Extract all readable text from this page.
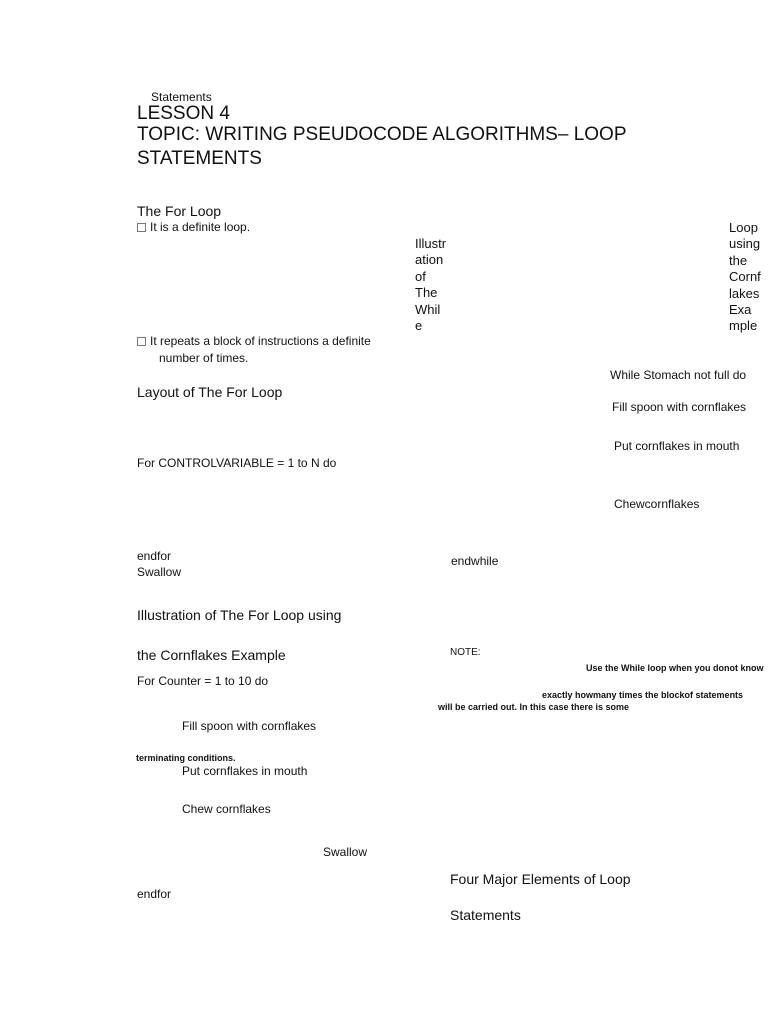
Statements
LESSON 4
TOPIC: WRITING PSEUDOCODE ALGORITHMS– LOOP
STATEMENTS
The For Loop
It is a definite loop.
It repeats a block of instructions a definite
number of times.
Layout of The For Loop
For CONTROLVARIABLE = 1 to N do
endfor
Swallow
Illustration of The For Loop using
the Cornflakes Example
For Counter = 1 to 10 do
Fill spoon with cornflakes
terminating conditions.
Put cornflakes in mouth
Chew cornflakes
Swallow
endfor
Illustr
ation
of
The
Whil
e
Loop
using
the
Cornf
lakes
Exa
mple
While Stomach not full do
Fill spoon with cornflakes
Put cornflakes in mouth
Chewcornflakes
endwhile
NOTE:
Use the While loop when you donot know
exactly howmany times the blockof statements
will be carried out. In this case there is some
Four Major Elements of Loop
Statements
